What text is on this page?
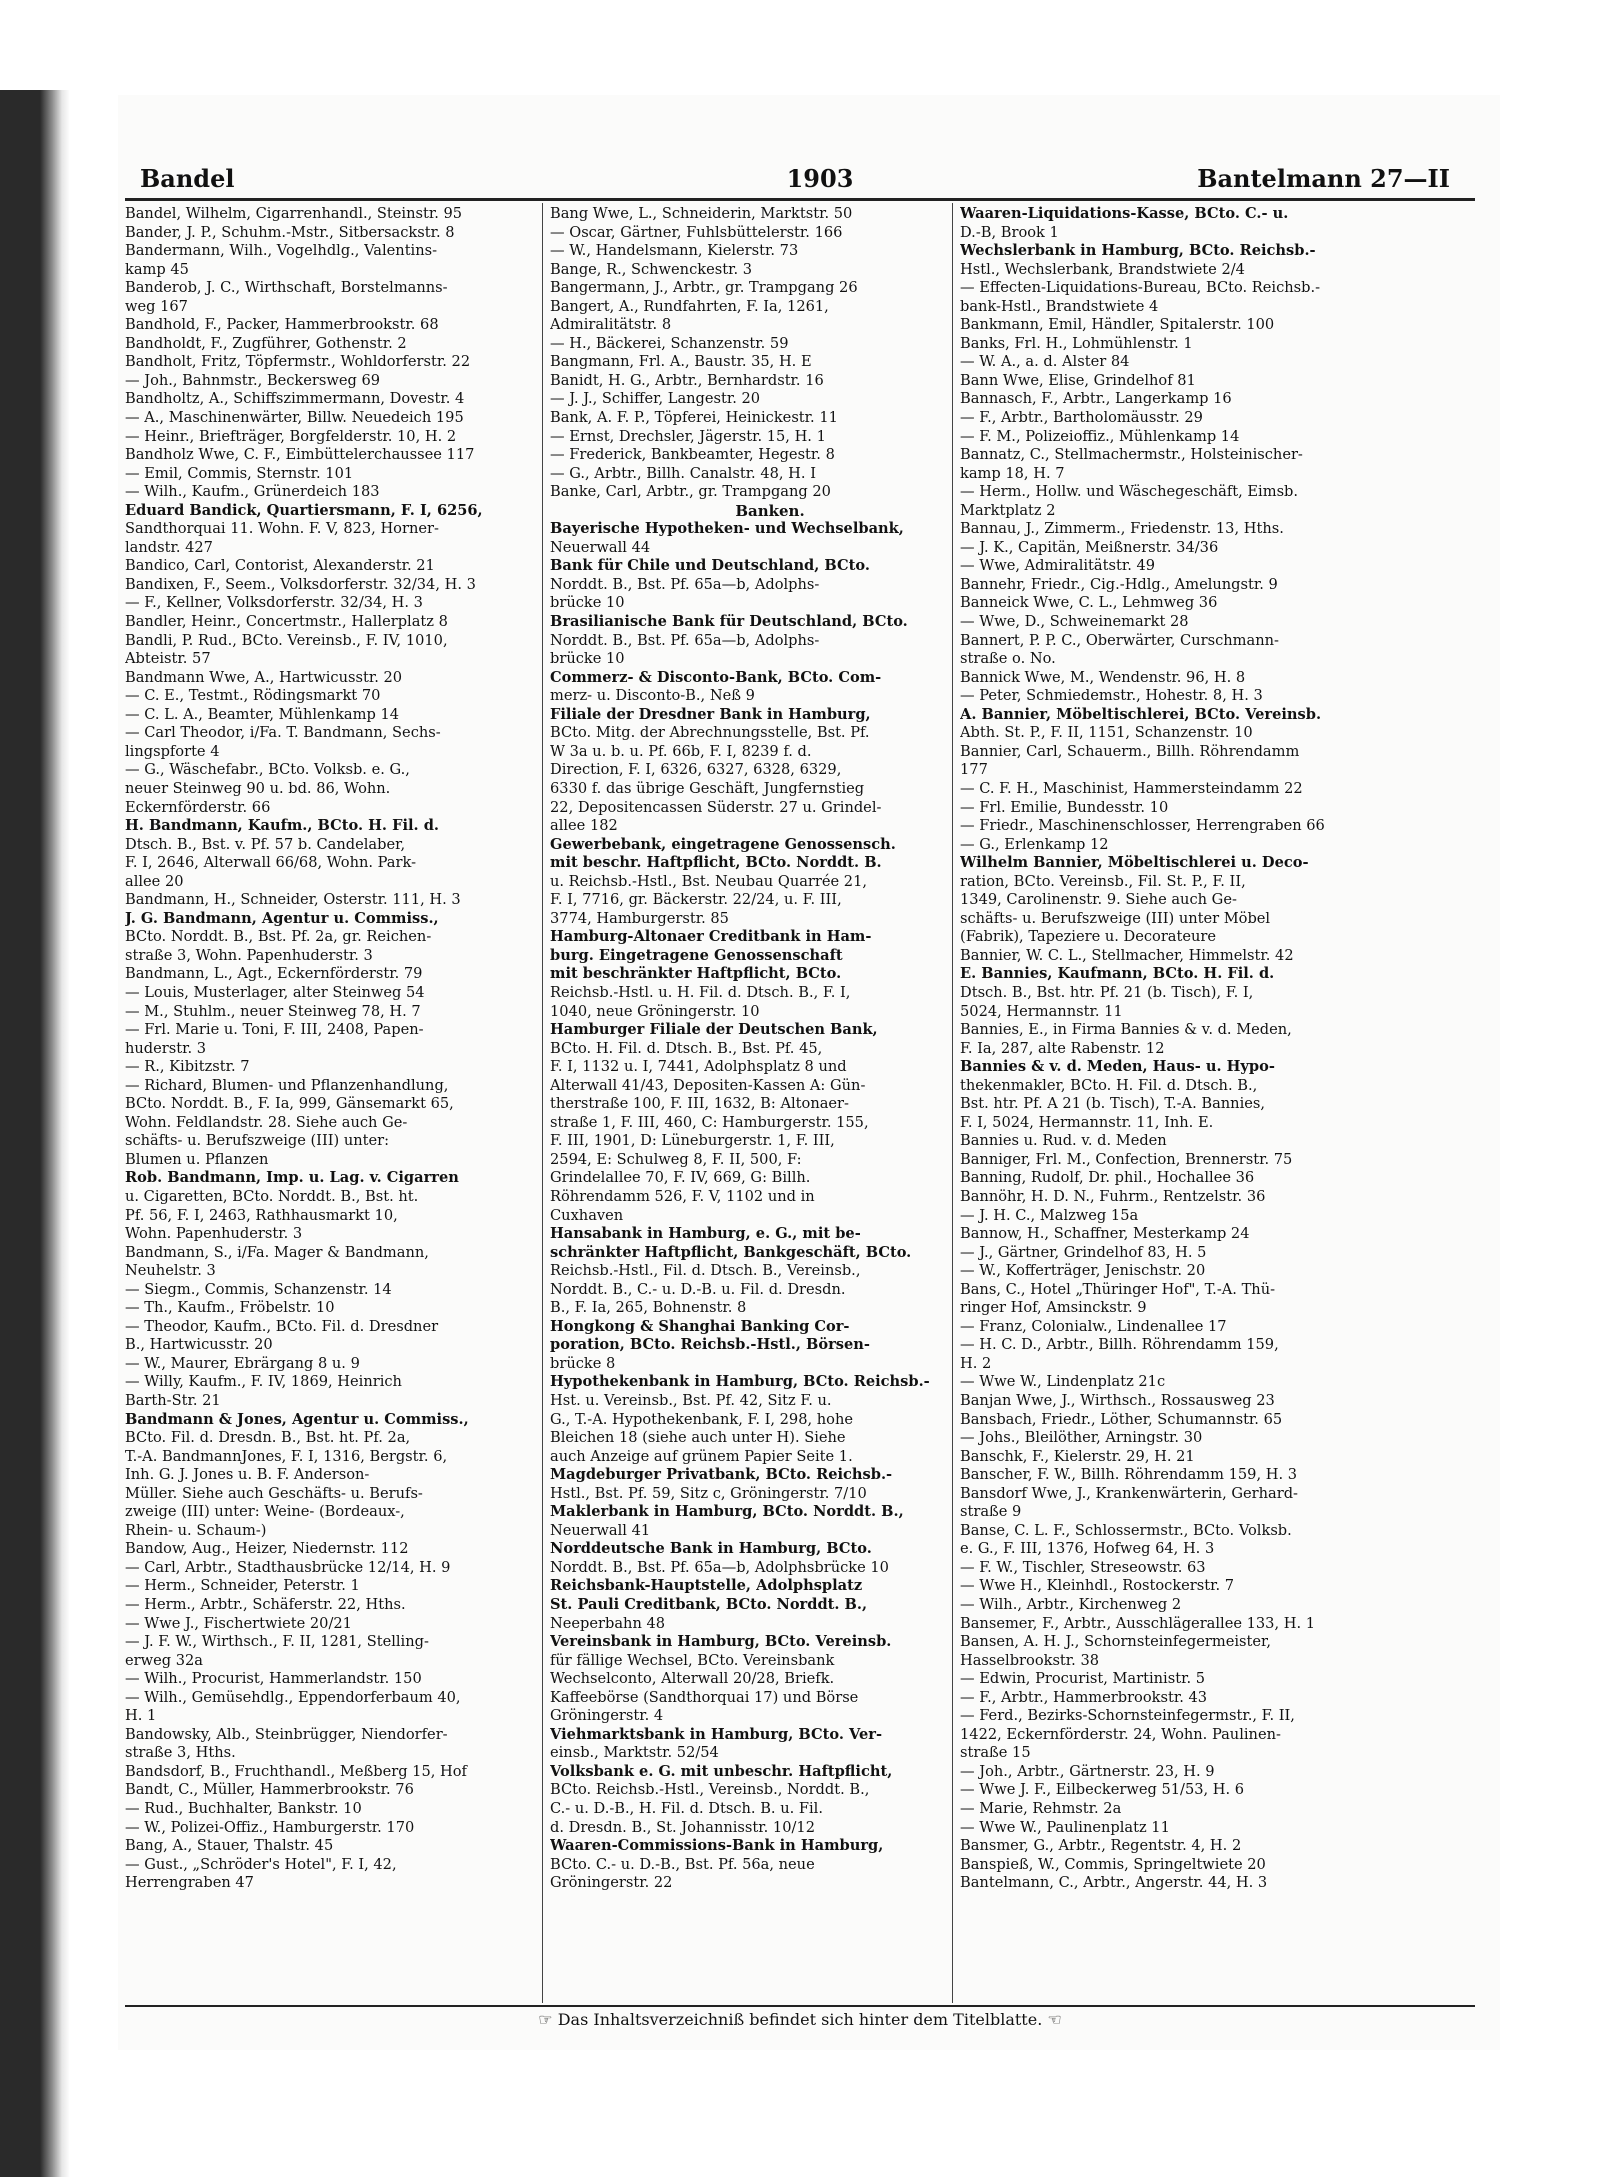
Bandel	1903	Bantelmann 27—II
Bandel, Wilhelm, Cigarrenhandl., Steinstr. 95
Bander, J. P., Schuhm.-Mstr., Sitbersackstr. 8
Bandermann, Wilh., Vogelhdlg., Valentins-
kamp 45
Banderob, J. C., Wirthschaft, Borstelmanns-
weg 167
Bandhold, F., Packer, Hammerbrookstr. 68
Bandholdt, F., Zugführer, Gothenstr. 2
Bandholt, Fritz, Töpfermstr., Wohldorferstr. 22
— Joh., Bahnmstr., Beckersweg 69
Bandholtz, A., Schiffszimmermann, Dovestr. 4
— A., Maschinenwärter, Billw. Neuedeich 195
— Heinr., Briefträger, Borgfelderstr. 10, H. 2
Bandholz Wwe, C. F., Eimbüttelerchaussee 117
— Emil, Commis, Sternstr. 101
— Wilh., Kaufm., Grünerdeich 183
Eduard Bandick, Quartiersmann, F. I, 6256,
Sandthorquai 11. Wohn. F. V, 823, Horner-
landstr. 427
Bandico, Carl, Contorist, Alexanderstr. 21
Bandixen, F., Seem., Volksdorferstr. 32/34, H. 3
— F., Kellner, Volksdorferstr. 32/34, H. 3
Bandler, Heinr., Concertmstr., Hallerplatz 8
Bandli, P. Rud., BCto. Vereinsb., F. IV, 1010,
Abteistr. 57
Bandmann Wwe, A., Hartwicusstr. 20
— C. E., Testmt., Rödingsmarkt 70
— C. L. A., Beamter, Mühlenkamp 14
— Carl Theodor, i/Fa. T. Bandmann, Sechs-
lingspforte 4
— G., Wäschefabr., BCto. Volksb. e. G.,
neuer Steinweg 90 u. bd. 86, Wohn.
Eckernförderstr. 66
H. Bandmann, Kaufm., BCto. H. Fil. d.
Dtsch. B., Bst. v. Pf. 57 b. Candelaber,
F. I, 2646, Alterwall 66/68, Wohn. Park-
allee 20
Bandmann, H., Schneider, Osterstr. 111, H. 3
J. G. Bandmann, Agentur u. Commiss.,
BCto. Norddt. B., Bst. Pf. 2a, gr. Reichen-
straße 3, Wohn. Papenhuderstr. 3
Bandmann, L., Agt., Eckernförderstr. 79
— Louis, Musterlager, alter Steinweg 54
— M., Stuhlm., neuer Steinweg 78, H. 7
— Frl. Marie u. Toni, F. III, 2408, Papen-
huderstr. 3
— R., Kibitzstr. 7
— Richard, Blumen- und Pflanzenhandlung,
BCto. Norddt. B., F. Ia, 999, Gänsemarkt 65,
Wohn. Feldlandstr. 28. Siehe auch Ge-
schäfts- u. Berufszweige (III) unter:
Blumen u. Pflanzen
Rob. Bandmann, Imp. u. Lag. v. Cigarren
u. Cigaretten, BCto. Norddt. B., Bst. ht.
Pf. 56, F. I, 2463, Rathhausmarkt 10,
Wohn. Papenhuderstr. 3
Bandmann, S., i/Fa. Mager & Bandmann,
Neuhelstr. 3
— Siegm., Commis, Schanzenstr. 14
— Th., Kaufm., Fröbelstr. 10
— Theodor, Kaufm., BCto. Fil. d. Dresdner
B., Hartwicusstr. 20
— W., Maurer, Ebrärgang 8 u. 9
— Willy, Kaufm., F. IV, 1869, Heinrich
Barth-Str. 21
Bandmann & Jones, Agentur u. Commiss.,
BCto. Fil. d. Dresdn. B., Bst. ht. Pf. 2a,
T.-A. BandmannJones, F. I, 1316, Bergstr. 6,
Inh. G. J. Jones u. B. F. Anderson-
Müller. Siehe auch Geschäfts- u. Berufs-
zweige (III) unter: Weine- (Bordeaux-,
Rhein- u. Schaum-)
Bandow, Aug., Heizer, Niedernstr. 112
— Carl, Arbtr., Stadthausbrücke 12/14, H. 9
— Herm., Schneider, Peterstr. 1
— Herm., Arbtr., Schäferstr. 22, Hths.
— Wwe J., Fischertwiete 20/21
— J. F. W., Wirthsch., F. II, 1281, Stelling-
erweg 32a
— Wilh., Procurist, Hammerlandstr. 150
— Wilh., Gemüsehdlg., Eppendorferbaum 40,
H. 1
Bandowsky, Alb., Steinbrügger, Niendorfer-
straße 3, Hths.
Bandsdorf, B., Fruchthandl., Meßberg 15, Hof
Bandt, C., Müller, Hammerbrookstr. 76
— Rud., Buchhalter, Bankstr. 10
— W., Polizei-Offiz., Hamburgerstr. 170
Bang, A., Stauer, Thalstr. 45
— Gust., „Schröder's Hotel", F. I, 42,
Herrengraben 47
Bang Wwe, L., Schneiderin, Marktstr. 50
— Oscar, Gärtner, Fuhlsbüttelerstr. 166
— W., Handelsmann, Kielerstr. 73
Bange, R., Schwenckestr. 3
Bangermann, J., Arbtr., gr. Trampgang 26
Bangert, A., Rundfahrten, F. Ia, 1261,
Admiralitätstr. 8
— H., Bäckerei, Schanzenstr. 59
Bangmann, Frl. A., Baustr. 35, H. E
Banidt, H. G., Arbtr., Bernhardstr. 16
— J. J., Schiffer, Langestr. 20
Bank, A. F. P., Töpferei, Heinickestr. 11
— Ernst, Drechsler, Jägerstr. 15, H. 1
— Frederick, Bankbeamter, Hegestr. 8
— G., Arbtr., Billh. Canalstr. 48, H. I
Banke, Carl, Arbtr., gr. Trampgang 20
Banken.
Bayerische Hypotheken- und Wechselbank,
Neuerwall 44
Bank für Chile und Deutschland, BCto.
Norddt. B., Bst. Pf. 65a—b, Adolphs-
brücke 10
Brasilianische Bank für Deutschland, BCto.
Norddt. B., Bst. Pf. 65a—b, Adolphs-
brücke 10
Commerz- & Disconto-Bank, BCto. Com-
merz- u. Disconto-B., Neß 9
Filiale der Dresdner Bank in Hamburg,
BCto. Mitg. der Abrechnungsstelle, Bst. Pf.
W 3a u. b. u. Pf. 66b, F. I, 8239 f. d.
Direction, F. I, 6326, 6327, 6328, 6329,
6330 f. das übrige Geschäft, Jungfernstieg
22, Depositencassen Süderstr. 27 u. Grindel-
allee 182
Gewerbebank, eingetragene Genossensch.
mit beschr. Haftpflicht, BCto. Norddt. B.
u. Reichsb.-Hstl., Bst. Neubau Quarrée 21,
F. I, 7716, gr. Bäckerstr. 22/24, u. F. III,
3774, Hamburgerstr. 85
Hamburg-Altonaer Creditbank in Ham-
burg. Eingetragene Genossenschaft
mit beschränkter Haftpflicht, BCto.
Reichsb.-Hstl. u. H. Fil. d. Dtsch. B., F. I,
1040, neue Gröningerstr. 10
Hamburger Filiale der Deutschen Bank,
BCto. H. Fil. d. Dtsch. B., Bst. Pf. 45,
F. I, 1132 u. I, 7441, Adolphsplatz 8 und
Alterwall 41/43, Depositen-Kassen A: Gün-
therstraße 100, F. III, 1632, B: Altonaer-
straße 1, F. III, 460, C: Hamburgerstr. 155,
F. III, 1901, D: Lüneburgerstr. 1, F. III,
2594, E: Schulweg 8, F. II, 500, F:
Grindelallee 70, F. IV, 669, G: Billh.
Röhrendamm 526, F. V, 1102 und in
Cuxhaven
Hansabank in Hamburg, e. G., mit be-
schränkter Haftpflicht, Bankgeschäft, BCto.
Reichsb.-Hstl., Fil. d. Dtsch. B., Vereinsb.,
Norddt. B., C.- u. D.-B. u. Fil. d. Dresdn.
B., F. Ia, 265, Bohnenstr. 8
Hongkong & Shanghai Banking Cor-
poration, BCto. Reichsb.-Hstl., Börsen-
brücke 8
Hypothekenbank in Hamburg, BCto. Reichsb.-
Hst. u. Vereinsb., Bst. Pf. 42, Sitz F. u.
G., T.-A. Hypothekenbank, F. I, 298, hohe
Bleichen 18 (siehe auch unter H). Siehe
auch Anzeige auf grünem Papier Seite 1.
Magdeburger Privatbank, BCto. Reichsb.-
Hstl., Bst. Pf. 59, Sitz c, Gröningerstr. 7/10
Maklerbank in Hamburg, BCto. Norddt. B.,
Neuerwall 41
Norddeutsche Bank in Hamburg, BCto.
Norddt. B., Bst. Pf. 65a—b, Adolphsbrücke 10
Reichsbank-Hauptstelle, Adolphsplatz
St. Pauli Creditbank, BCto. Norddt. B.,
Neeperbahn 48
Vereinsbank in Hamburg, BCto. Vereinsb.
für fällige Wechsel, BCto. Vereinsbank
Wechselconto, Alterwall 20/28, Briefk.
Kaffeebörse (Sandthorquai 17) und Börse
Gröningerstr. 4
Viehmarktsbank in Hamburg, BCto. Ver-
einsb., Marktstr. 52/54
Volksbank e. G. mit unbeschr. Haftpflicht,
BCto. Reichsb.-Hstl., Vereinsb., Norddt. B.,
C.- u. D.-B., H. Fil. d. Dtsch. B. u. Fil.
d. Dresdn. B., St. Johannisstr. 10/12
Waaren-Commissions-Bank in Hamburg,
BCto. C.- u. D.-B., Bst. Pf. 56a, neue
Gröningerstr. 22
Waaren-Liquidations-Kasse, BCto. C.- u.
D.-B, Brook 1
Wechslerbank in Hamburg, BCto. Reichsb.-
Hstl., Wechslerbank, Brandstwiete 2/4
— Effecten-Liquidations-Bureau, BCto. Reichsb.-
bank-Hstl., Brandstwiete 4
Bankmann, Emil, Händler, Spitalerstr. 100
Banks, Frl. H., Lohmühlenstr. 1
— W. A., a. d. Alster 84
Bann Wwe, Elise, Grindelhof 81
Bannasch, F., Arbtr., Langerkamp 16
— F., Arbtr., Bartholomäusstr. 29
— F. M., Polizeioffiz., Mühlenkamp 14
Bannatz, C., Stellmachermstr., Holsteinischer-
kamp 18, H. 7
— Herm., Hollw. und Wäschegeschäft, Eimsb.
Marktplatz 2
Bannau, J., Zimmerm., Friedenstr. 13, Hths.
— J. K., Capitän, Meißnerstr. 34/36
— Wwe, Admiralitätstr. 49
Bannehr, Friedr., Cig.-Hdlg., Amelungstr. 9
Banneick Wwe, C. L., Lehmweg 36
— Wwe, D., Schweinemarkt 28
Bannert, P. P. C., Oberwärter, Curschmann-
straße o. No.
Bannick Wwe, M., Wendenstr. 96, H. 8
— Peter, Schmiedemstr., Hohestr. 8, H. 3
A. Bannier, Möbeltischlerei, BCto. Vereinsb.
Abth. St. P., F. II, 1151, Schanzenstr. 10
Bannier, Carl, Schauerm., Billh. Röhrendamm
177
— C. F. H., Maschinist, Hammersteindamm 22
— Frl. Emilie, Bundesstr. 10
— Friedr., Maschinenschlosser, Herrengraben 66
— G., Erlenkamp 12
Wilhelm Bannier, Möbeltischlerei u. Deco-
ration, BCto. Vereinsb., Fil. St. P., F. II,
1349, Carolinenstr. 9. Siehe auch Ge-
schäfts- u. Berufszweige (III) unter Möbel
(Fabrik), Tapeziere u. Decorateure
Bannier, W. C. L., Stellmacher, Himmelstr. 42
E. Bannies, Kaufmann, BCto. H. Fil. d.
Dtsch. B., Bst. htr. Pf. 21 (b. Tisch), F. I,
5024, Hermannstr. 11
Bannies, E., in Firma Bannies & v. d. Meden,
F. Ia, 287, alte Rabenstr. 12
Bannies & v. d. Meden, Haus- u. Hypo-
thekenmakler, BCto. H. Fil. d. Dtsch. B.,
Bst. htr. Pf. A 21 (b. Tisch), T.-A. Bannies,
F. I, 5024, Hermannstr. 11, Inh. E.
Bannies u. Rud. v. d. Meden
Banniger, Frl. M., Confection, Brennerstr. 75
Banning, Rudolf, Dr. phil., Hochallee 36
Bannöhr, H. D. N., Fuhrm., Rentzelstr. 36
— J. H. C., Malzweg 15a
Bannow, H., Schaffner, Mesterkamp 24
— J., Gärtner, Grindelhof 83, H. 5
— W., Kofferträger, Jenischstr. 20
Bans, C., Hotel „Thüringer Hof", T.-A. Thü-
ringer Hof, Amsinckstr. 9
— Franz, Colonialw., Lindenallee 17
— H. C. D., Arbtr., Billh. Röhrendamm 159,
H. 2
— Wwe W., Lindenplatz 21c
Banjan Wwe, J., Wirthsch., Rossausweg 23
Bansbach, Friedr., Löther, Schumannstr. 65
— Johs., Bleilöther, Arningstr. 30
Banschk, F., Kielerstr. 29, H. 21
Banscher, F. W., Billh. Röhrendamm 159, H. 3
Bansdorf Wwe, J., Krankenwärterin, Gerhard-
straße 9
Banse, C. L. F., Schlossermstr., BCto. Volksb.
e. G., F. III, 1376, Hofweg 64, H. 3
— F. W., Tischler, Streseowstr. 63
— Wwe H., Kleinhdl., Rostockerstr. 7
— Wilh., Arbtr., Kirchenweg 2
Bansemer, F., Arbtr., Ausschlägerallee 133, H. 1
Bansen, A. H. J., Schornsteinfegermeister,
Hasselbrookstr. 38
— Edwin, Procurist, Martinistr. 5
— F., Arbtr., Hammerbrookstr. 43
— Ferd., Bezirks-Schornsteinfegermstr., F. II,
1422, Eckernförderstr. 24, Wohn. Paulinen-
straße 15
— Joh., Arbtr., Gärtnerstr. 23, H. 9
— Wwe J. F., Eilbeckerweg 51/53, H. 6
— Marie, Rehmstr. 2a
— Wwe W., Paulinenplatz 11
Bansmer, G., Arbtr., Regentstr. 4, H. 2
Banspieß, W., Commis, Springeltwiete 20
Bantelmann, C., Arbtr., Angerstr. 44, H. 3
☞ Das Inhaltsverzeichniß befindet sich hinter dem Titelblatte. ☜
